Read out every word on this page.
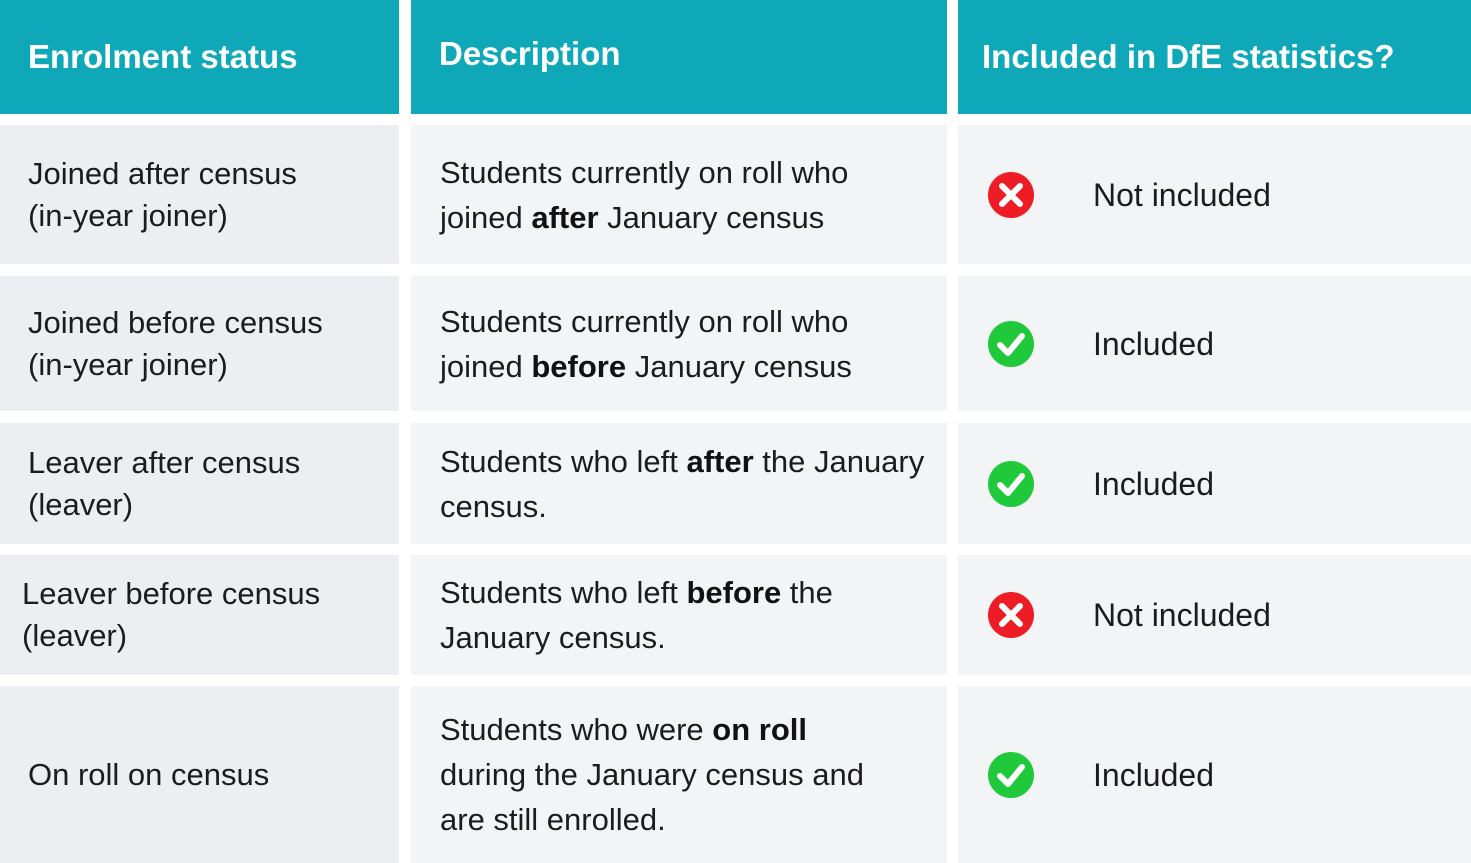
Enrolment status	Description	Included in DfE statistics?
Joined after census
(in-year joiner)
Students currently on roll who joined after January census
Not included
Joined before census
(in-year joiner)
Students currently on roll who joined before January census
Included
Leaver after census
(leaver)
Students who left after the January census.
Included
Leaver before census
(leaver)
Students who left before the January census.
Not included
On roll on census
Students who were on roll during the January census and are still enrolled.
Included
